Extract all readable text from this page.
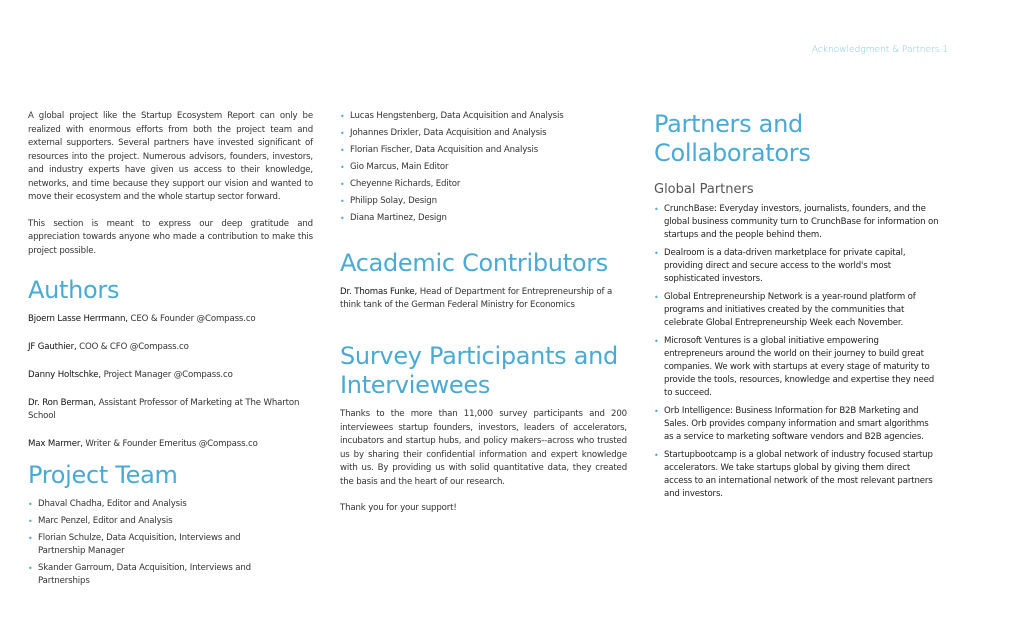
Acknowledgment & Partners 1

A global project like the Startup Ecosystem Report can only be realized with enormous efforts from both the project team and external supporters. Several partners have invested significant of resources into the project. Numerous advisors, founders, investors, and industry experts have given us access to their knowledge, networks, and time because they support our vision and wanted to move their ecosystem and the whole startup sector forward.

This section is meant to express our deep gratitude and appreciation towards anyone who made a contribution to make this project possible.

Authors
Bjoern Lasse Herrmann, CEO & Founder @Compass.co
JF Gauthier, COO & CFO @Compass.co
Danny Holtschke, Project Manager @Compass.co
Dr. Ron Berman, Assistant Professor of Marketing at The Wharton School
Max Marmer, Writer & Founder Emeritus @Compass.co
Project Team
• Dhaval Chadha, Editor and Analysis
• Marc Penzel, Editor and Analysis
• Florian Schulze, Data Acquisition, Interviews and Partnership Manager
• Skander Garroum, Data Acquisition, Interviews and Partnerships
• Lucas Hengstenberg, Data Acquisition and Analysis
• Johannes Drixler, Data Acquisition and Analysis
• Florian Fischer, Data Acquisition and Analysis
• Gio Marcus, Main Editor
• Cheyenne Richards, Editor
• Philipp Solay, Design
• Diana Martinez, Design
Academic Contributors
Dr. Thomas Funke, Head of Department for Entrepreneurship of a think tank of the German Federal Ministry for Economics
Survey Participants and Interviewees

Thanks to the more than 11,000 survey participants and 200 interviewees startup founders, investors, leaders of accelerators, incubators and startup hubs, and policy makers--across who trusted us by sharing their confidential information and expert knowledge with us. By providing us with solid quantitative data, they created the basis and the heart of our research.

Thank you for your support!

Partners and Collaborators
Global Partners
• CrunchBase: Everyday investors, journalists, founders, and the global business community turn to CrunchBase for information on startups and the people behind them.
• Dealroom is a data-driven marketplace for private capital, providing direct and secure access to the world's most sophisticated investors.
• Global Entrepreneurship Network is a year-round platform of programs and initiatives created by the communities that celebrate Global Entrepreneurship Week each November.
• Microsoft Ventures is a global initiative empowering entrepreneurs around the world on their journey to build great companies. We work with startups at every stage of maturity to provide the tools, resources, knowledge and expertise they need to succeed.
• Orb Intelligence: Business Information for B2B Marketing and Sales. Orb provides company information and smart algorithms as a service to marketing software vendors and B2B agencies.
• Startupbootcamp is a global network of industry focused startup accelerators. We take startups global by giving them direct access to an international network of the most relevant partners and investors.
